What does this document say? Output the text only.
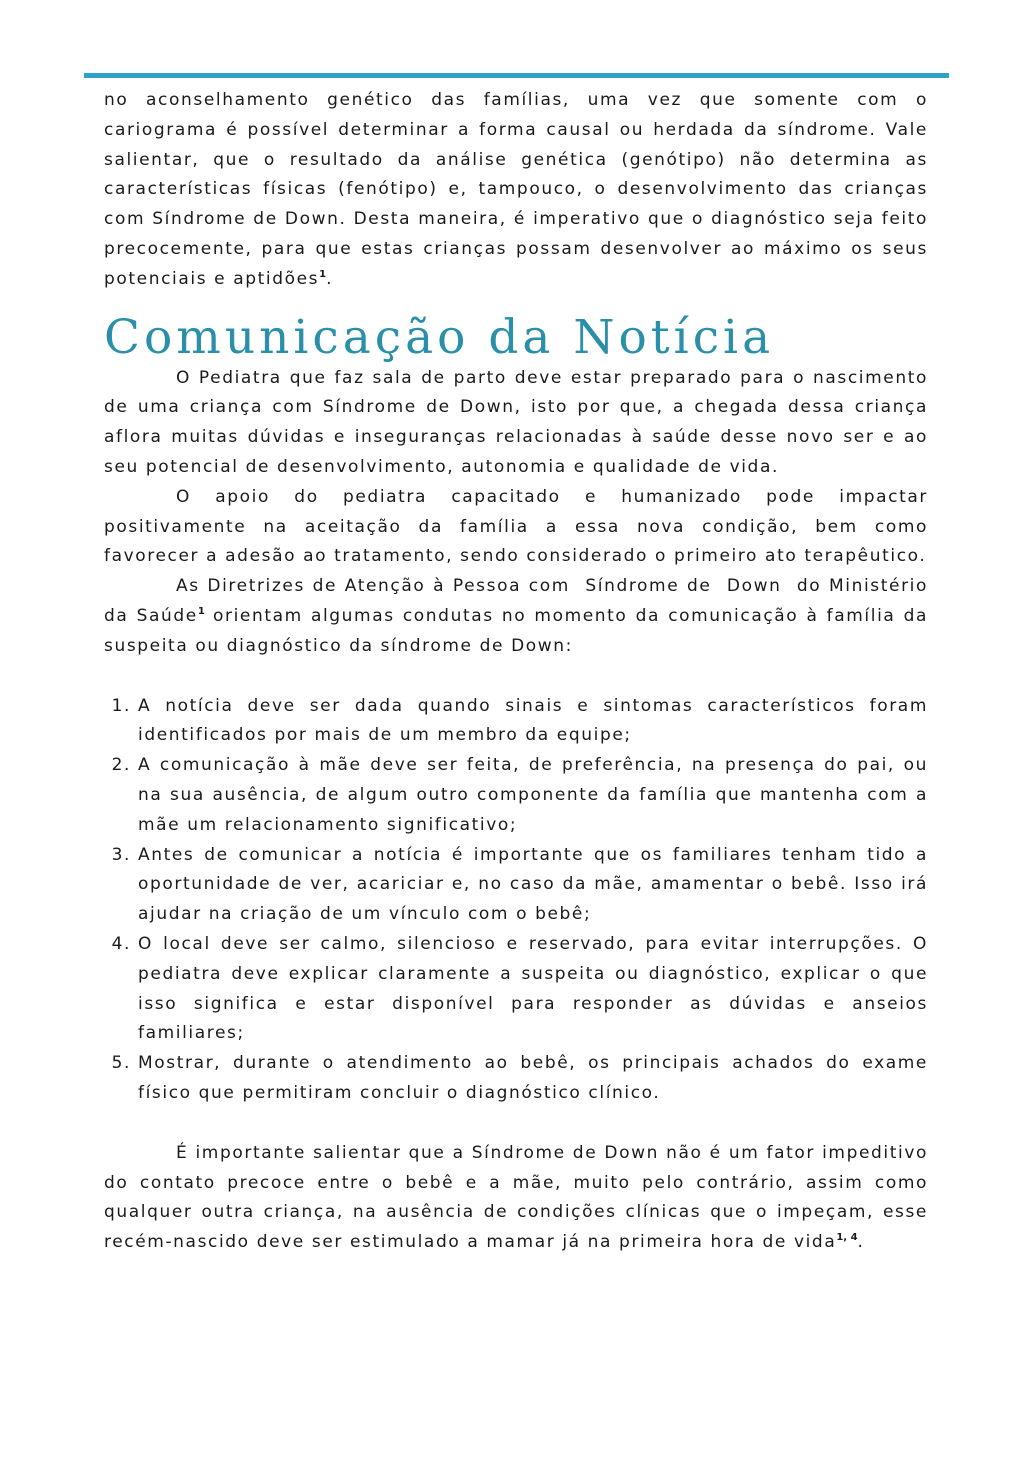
no aconselhamento genético das famílias, uma vez que somente com o cariograma é possível determinar a forma causal ou herdada da síndrome. Vale salientar, que o resultado da análise genética (genótipo) não determina as características físicas (fenótipo) e, tampouco, o desenvolvimento das crianças com Síndrome de Down. Desta maneira, é imperativo que o diagnóstico seja feito precocemente, para que estas crianças possam desenvolver ao máximo os seus potenciais e aptidões$^1$.

Comunicação da Notícia

O Pediatra que faz sala de parto deve estar preparado para o nascimento de uma criança com Síndrome de Down, isto por que, a chegada dessa criança aflora muitas dúvidas e inseguranças relacionadas à saúde desse novo ser e ao seu potencial de desenvolvimento, autonomia e qualidade de vida.

O apoio do pediatra capacitado e humanizado pode impactar positivamente na aceitação da família a essa nova condição, bem como favorecer a adesão ao tratamento, sendo considerado o primeiro ato terapêutico.

As Diretrizes de Atenção à Pessoa com  Síndrome de  Down  do Ministério da Saúde$^1$ orientam algumas condutas no momento da comunicação à família da suspeita ou diagnóstico da síndrome de Down:

1. A notícia deve ser dada quando sinais e sintomas característicos foram identificados por mais de um membro da equipe;
2. A comunicação à mãe deve ser feita, de preferência, na presença do pai, ou na sua ausência, de algum outro componente da família que mantenha com a mãe um relacionamento significativo;
3. Antes de comunicar a notícia é importante que os familiares tenham tido a oportunidade de ver, acariciar e, no caso da mãe, amamentar o bebê. Isso irá ajudar na criação de um vínculo com o bebê;
4. O local deve ser calmo, silencioso e reservado, para evitar interrupções. O pediatra deve explicar claramente a suspeita ou diagnóstico, explicar o que isso significa e estar disponível para responder as dúvidas e anseios familiares;
5. Mostrar, durante o atendimento ao bebê, os principais achados do exame físico que permitiram concluir o diagnóstico clínico.

É importante salientar que a Síndrome de Down não é um fator impeditivo do contato precoce entre o bebê e a mãe, muito pelo contrário, assim como qualquer outra criança, na ausência de condições clínicas que o impeçam, esse recém-nascido deve ser estimulado a mamar já na primeira hora de vida$^{1, 4}$.
